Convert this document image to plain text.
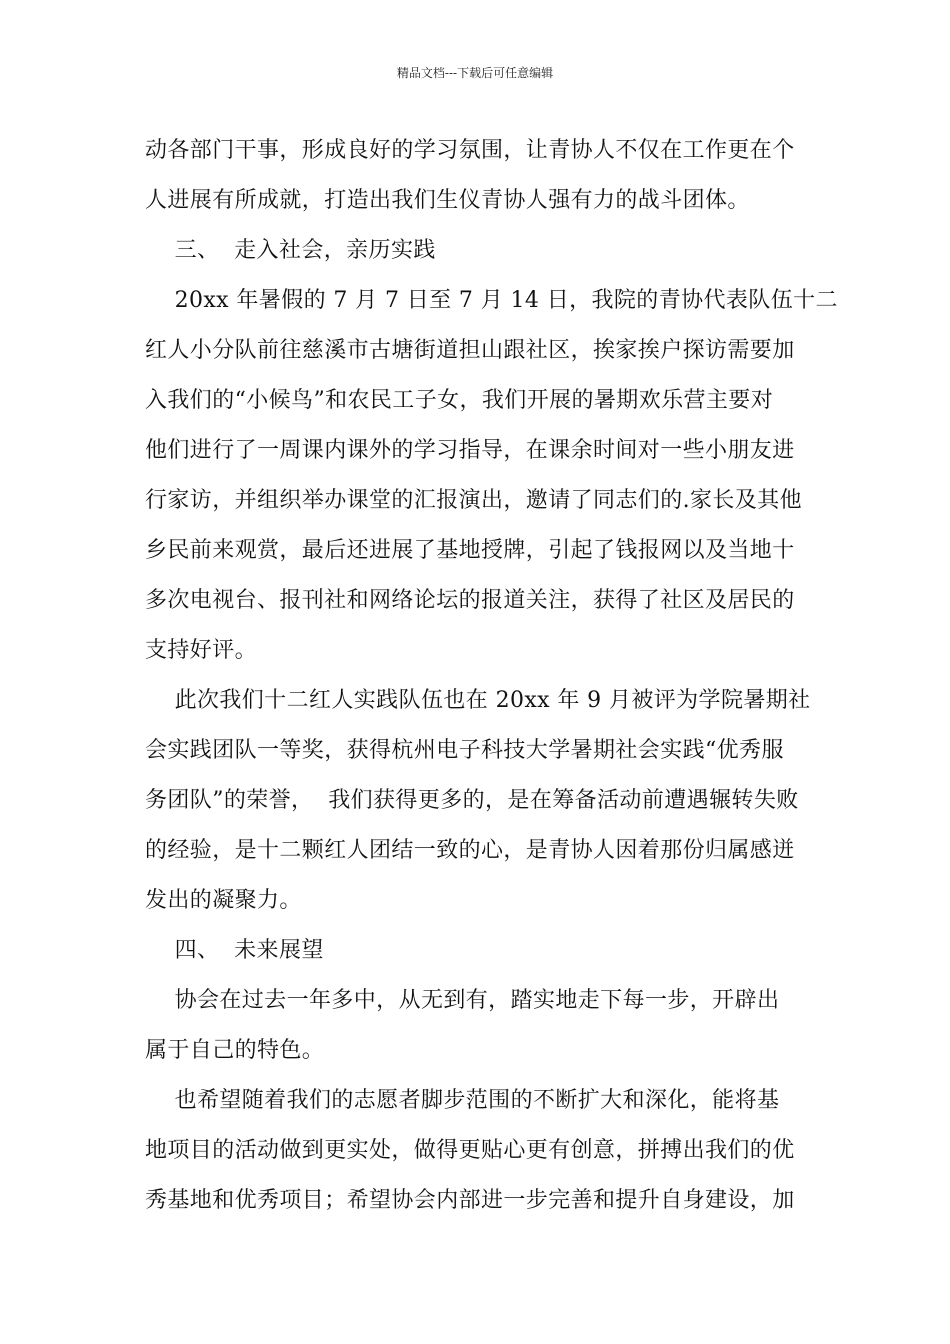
精品文档---下载后可任意编辑
动各部门干事，形成良好的学习氛围，让青协人不仅在工作更在个
人进展有所成就，打造出我们生仪青协人强有力的战斗团体。
三、  走入社会，亲历实践
20xx 年暑假的 7 月 7 日至 7 月 14 日，我院的青协代表队伍十二
红人小分队前往慈溪市古塘街道担山跟社区，挨家挨户探访需要加
入我们的“小候鸟”和农民工子女，我们开展的暑期欢乐营主要对
他们进行了一周课内课外的学习指导，在课余时间对一些小朋友进
行家访，并组织举办课堂的汇报演出，邀请了同志们的.家长及其他
乡民前来观赏，最后还进展了基地授牌，引起了钱报网以及当地十
多次电视台、报刊社和网络论坛的报道关注，获得了社区及居民的
支持好评。
此次我们十二红人实践队伍也在 20xx 年 9 月被评为学院暑期社
会实践团队一等奖，获得杭州电子科技大学暑期社会实践“优秀服
务团队”的荣誉，  我们获得更多的，是在筹备活动前遭遇辗转失败
的经验，是十二颗红人团结一致的心，是青协人因着那份归属感迸
发出的凝聚力。
四、  未来展望
协会在过去一年多中，从无到有，踏实地走下每一步，开辟出
属于自己的特色。
也希望随着我们的志愿者脚步范围的不断扩大和深化，能将基
地项目的活动做到更实处，做得更贴心更有创意，拼搏出我们的优
秀基地和优秀项目；希望协会内部进一步完善和提升自身建设，加
